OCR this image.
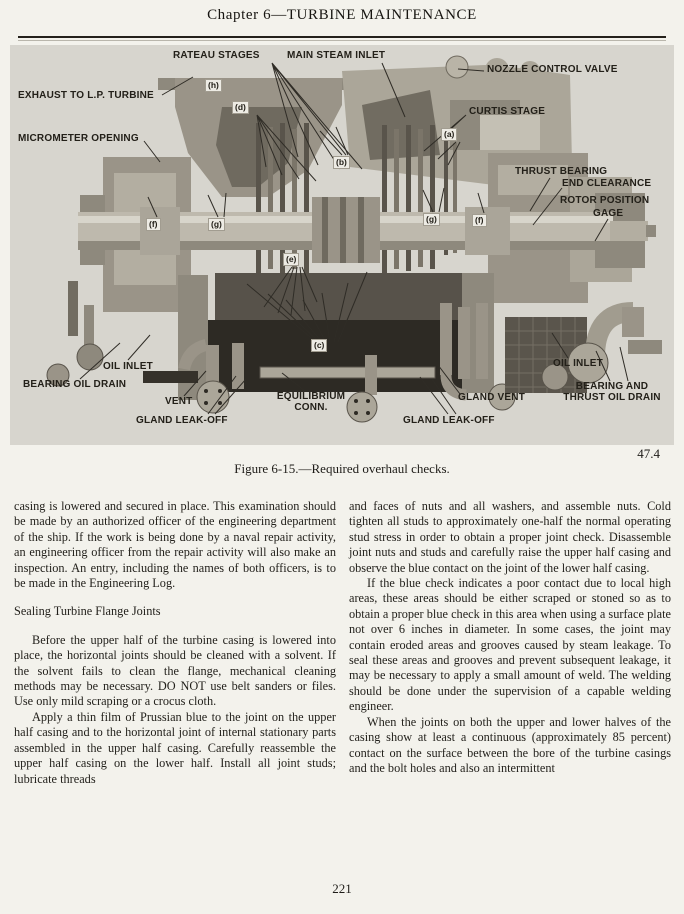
Chapter 6—TURBINE MAINTENANCE
RATEAU STAGES	MAIN STEAM INLET
NOZZLE CONTROL VALVE
EXHAUST TO L.P. TURBINE
CURTIS STAGE
MICROMETER OPENING
THRUST BEARING
END CLEARANCE
ROTOR POSITION
GAGE
OIL INLET
BEARING OIL DRAIN
VENT
GLAND LEAK-OFF
EQUILIBRIUM
CONN.
GLAND VENT
GLAND LEAK-OFF
OIL INLET
BEARING AND
THRUST OIL DRAIN
(h)
(d)
(b)
(a)
(f)	(g)	(g)	(f)
(e)
(c)
47.4
Figure 6-15.—Required overhaul checks.

casing is lowered and secured in place. This examination should be made by an authorized officer of the engineering department of the ship. If the work is being done by a naval repair activity, an engineering officer from the repair activity will also make an inspection. An entry, including the names of both officers, is to be made in the Engineering Log.

Sealing Turbine Flange Joints

Before the upper half of the turbine casing is lowered into place, the horizontal joints should be cleaned with a solvent. If the solvent fails to clean the flange, mechanical cleaning methods may be necessary. DO NOT use belt sanders or files. Use only mild scraping or a crocus cloth.

Apply a thin film of Prussian blue to the joint on the upper half casing and to the horizontal joint of internal stationary parts assembled in the upper half casing. Carefully reassemble the upper half casing on the lower half. Install all joint studs; lubricate threads

and faces of nuts and all washers, and assemble nuts. Cold tighten all studs to approximately one-half the normal operating stud stress in order to obtain a proper joint check. Disassemble joint nuts and studs and carefully raise the upper half casing and observe the blue contact on the joint of the lower half casing.

If the blue check indicates a poor contact due to local high areas, these areas should be either scraped or stoned so as to obtain a proper blue check in this area when using a surface plate not over 6 inches in diameter. In some cases, the joint may contain eroded areas and grooves caused by steam leakage. To seal these areas and grooves and prevent subsequent leakage, it may be necessary to apply a small amount of weld. The welding should be done under the supervision of a capable welding engineer.

When the joints on both the upper and lower halves of the casing show at least a continuous (approximately 85 percent) contact on the surface between the bore of the turbine casings and the bolt holes and also an intermittent

221
